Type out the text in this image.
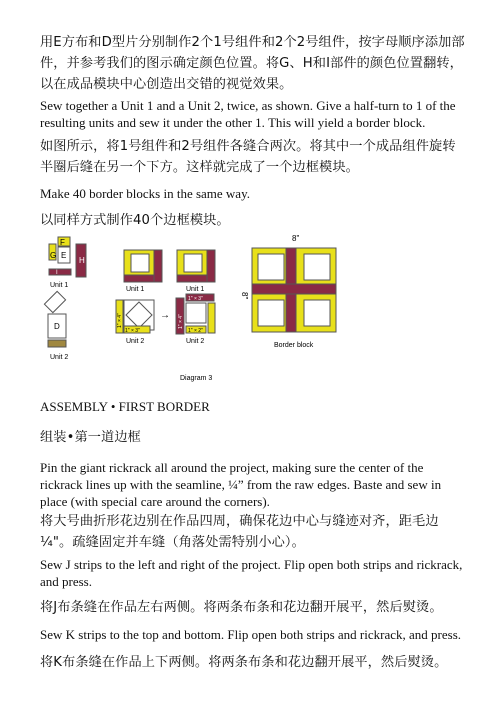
用E方布和D型片分别制作2个1号组件和2个2号组件，按字母顺序添加部件，并参考我们的图示确定颜色位置。将G、H和I部件的颜色位置翻转，以在成品模块中心创造出交错的视觉效果。

Sew together a Unit 1 and a Unit 2, twice, as shown. Give a half-turn to 1 of the resulting units and sew it under the other 1. This will yield a border block.

如图所示，将1号组件和2号组件各缝合两次。将其中一个成品组件旋转半圈后缝在另一个下方。这样就完成了一个边框模块。

Make 40 border blocks in the same way.

以同样方式制作40个边框模块。

G
F
E
H
I
Unit 1
D
Unit 2
Unit 1	Unit 1
1" × 3"
1" × 4"
Unit 2
→ 1" × 4"
1" × 3"
1" × 2"
Unit 2
8"
8"
Border block
Diagram 3

ASSEMBLY • FIRST BORDER

组装•第一道边框

Pin the giant rickrack all around the project, making sure the center of the rickrack lines up with the seamline, ¼” from the raw edges. Baste and sew in place (with special care around the corners).

将大号曲折形花边别在作品四周，确保花边中心与缝迹对齐，距毛边¼"。疏缝固定并车缝（角落处需特别小心）。

Sew J strips to the left and right of the project. Flip open both strips and rickrack, and press.

将J布条缝在作品左右两侧。将两条布条和花边翻开展平，然后熨烫。

Sew K strips to the top and bottom. Flip open both strips and rickrack, and press.

将K布条缝在作品上下两侧。将两条布条和花边翻开展平，然后熨烫。
